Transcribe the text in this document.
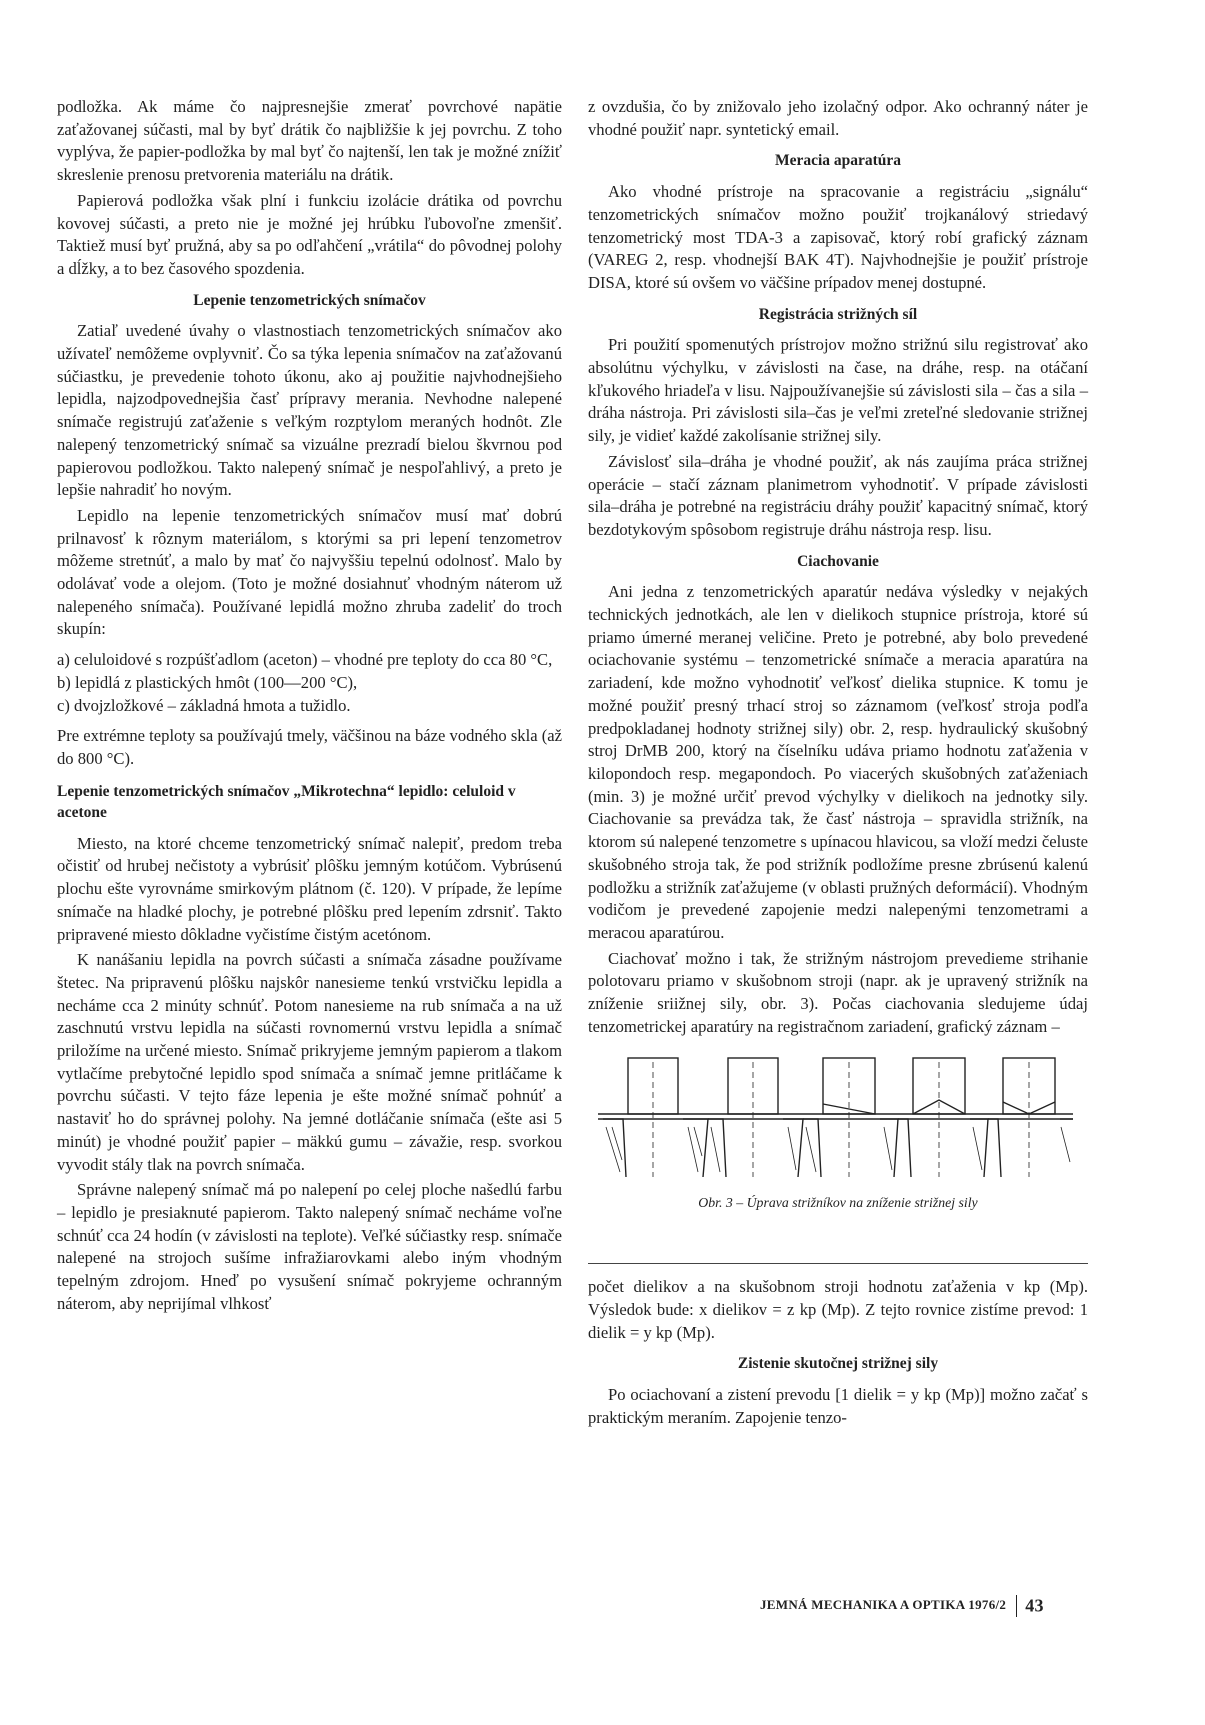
podložka. Ak máme čo najpresnejšie zmerať povrchové napätie zaťažovanej súčasti, mal by byť drátik čo najbližšie k jej povrchu. Z toho vyplýva, že papier-podložka by mal byť čo najtenší, len tak je možné znížiť skreslenie prenosu pretvorenia materiálu na drátik.

Papierová podložka však plní i funkciu izolácie drátika od povrchu kovovej súčasti, a preto nie je možné jej hrúbku ľubovoľne zmenšiť. Taktiež musí byť pružná, aby sa po odľahčení „vrátila“ do pôvodnej polohy a dĺžky, a to bez časového spozdenia.

Lepenie tenzometrických snímačov

Zatiaľ uvedené úvahy o vlastnostiach tenzometrických snímačov ako užívateľ nemôžeme ovplyvniť. Čo sa týka lepenia snímačov na zaťažovanú súčiastku, je prevedenie tohoto úkonu, ako aj použitie najvhodnejšieho lepidla, najzodpovednejšia časť prípravy merania. Nevhodne nalepené snímače registrujú zaťaženie s veľkým rozptylom meraných hodnôt. Zle nalepený tenzometrický snímač sa vizuálne prezradí bielou škvrnou pod papierovou podložkou. Takto nalepený snímač je nespoľahlivý, a preto je lepšie nahradiť ho novým.

Lepidlo na lepenie tenzometrických snímačov musí mať dobrú prilnavosť k rôznym materiálom, s ktorými sa pri lepení tenzometrov môžeme stretnúť, a malo by mať čo najvyššiu tepelnú odolnosť. Malo by odolávať vode a olejom. (Toto je možné dosiahnuť vhodným náterom už nalepeného snímača). Používané lepidlá možno zhruba zadeliť do troch skupín:

a) celuloidové s rozpúšťadlom (aceton) – vhodné pre teploty do cca 80 °C,
b) lepidlá z plastických hmôt (100—200 °C),
c) dvojzložkové – základná hmota a tužidlo.

Pre extrémne teploty sa používajú tmely, väčšinou na báze vodného skla (až do 800 °C).

Lepenie tenzometrických snímačov „Mikrotechna“ lepidlo: celuloid v acetone

Miesto, na ktoré chceme tenzometrický snímač nalepiť, predom treba očistiť od hrubej nečistoty a vybrúsiť plôšku jemným kotúčom. Vybrúsenú plochu ešte vyrovnáme smirkovým plátnom (č. 120). V prípade, že lepíme snímače na hladké plochy, je potrebné plôšku pred lepením zdrsniť. Takto pripravené miesto dôkladne vyčistíme čistým acetónom.

K nanášaniu lepidla na povrch súčasti a snímača zásadne používame štetec. Na pripravenú plôšku najskôr nanesieme tenkú vrstvičku lepidla a necháme cca 2 minúty schnúť. Potom nanesieme na rub snímača a na už zaschnutú vrstvu lepidla na súčasti rovnomernú vrstvu lepidla a snímač priložíme na určené miesto. Snímač prikryjeme jemným papierom a tlakom vytlačíme prebytočné lepidlo spod snímača a snímač jemne pritláčame k povrchu súčasti. V tejto fáze lepenia je ešte možné snímač pohnúť a nastaviť ho do správnej polohy. Na jemné dotláčanie snímača (ešte asi 5 minút) je vhodné použiť papier – mäkkú gumu – závažie, resp. svorkou vyvodit stály tlak na povrch snímača.

Správne nalepený snímač má po nalepení po celej ploche našedlú farbu – lepidlo je presiaknuté papierom. Takto nalepený snímač necháme voľne schnúť cca 24 hodín (v závislosti na teplote). Veľké súčiastky resp. snímače nalepené na strojoch sušíme infražiarovkami alebo iným vhodným tepelným zdrojom. Hneď po vysušení snímač pokryjeme ochranným náterom, aby neprijímal vlhkosť

z ovzdušia, čo by znižovalo jeho izolačný odpor. Ako ochranný náter je vhodné použiť napr. syntetický email.

Meracia aparatúra

Ako vhodné prístroje na spracovanie a registráciu „signálu“ tenzometrických snímačov možno použiť trojkanálový striedavý tenzometrický most TDA-3 a zapisovač, ktorý robí grafický záznam (VAREG 2, resp. vhodnejší BAK 4T). Najvhodnejšie je použiť prístroje DISA, ktoré sú ovšem vo väčšine prípadov menej dostupné.

Registrácia strižných síl

Pri použití spomenutých prístrojov možno strižnú silu registrovať ako absolútnu výchylku, v závislosti na čase, na dráhe, resp. na otáčaní kľukového hriadeľa v lisu. Najpoužívanejšie sú závislosti sila – čas a sila – dráha nástroja. Pri závislosti sila–čas je veľmi zreteľné sledovanie strižnej sily, je vidieť každé zakolísanie strižnej sily.

Závislosť sila–dráha je vhodné použiť, ak nás zaujíma práca strižnej operácie – stačí záznam planimetrom vyhodnotiť. V prípade závislosti sila–dráha je potrebné na registráciu dráhy použiť kapacitný snímač, ktorý bezdotykovým spôsobom registruje dráhu nástroja resp. lisu.

Ciachovanie

Ani jedna z tenzometrických aparatúr nedáva výsledky v nejakých technických jednotkách, ale len v dielikoch stupnice prístroja, ktoré sú priamo úmerné meranej veličine. Preto je potrebné, aby bolo prevedené ociachovanie systému – tenzometrické snímače a meracia aparatúra na zariadení, kde možno vyhodnotiť veľkosť dielika stupnice. K tomu je možné použiť presný trhací stroj so záznamom (veľkosť stroja podľa predpokladanej hodnoty strižnej sily) obr. 2, resp. hydraulický skušobný stroj DrMB 200, ktorý na číselníku udáva priamo hodnotu zaťaženia v kilopondoch resp. megapondoch. Po viacerých skušobných zaťaženiach (min. 3) je možné určiť prevod výchylky v dielikoch na jednotky sily. Ciachovanie sa prevádza tak, že časť nástroja – spravidla strižník, na ktorom sú nalepené tenzometre s upínacou hlavicou, sa vloží medzi čeluste skušobného stroja tak, že pod strižník podložíme presne zbrúsenú kalenú podložku a strižník zaťažujeme (v oblasti pružných deformácií). Vhodným vodičom je prevedené zapojenie medzi nalepenými tenzometrami a meracou aparatúrou.

Ciachovať možno i tak, že strižným nástrojom prevedieme strihanie polotovaru priamo v skušobnom stroji (napr. ak je upravený strižník na zníženie sriižnej sily, obr. 3). Počas ciachovania sledujeme údaj tenzometrickej aparatúry na registračnom zariadení, grafický záznam –

Obr. 3 – Úprava strižníkov na zníženie strižnej sily

počet dielikov a na skušobnom stroji hodnotu zaťaženia v kp (Mp). Výsledok bude: x dielikov = z kp (Mp). Z tejto rovnice zistíme prevod: 1 dielik = y kp (Mp).

Zistenie skutočnej strižnej sily

Po ociachovaní a zistení prevodu [1 dielik = y kp (Mp)] možno začať s praktickým meraním. Zapojenie tenzo-

JEMNÁ MECHANIKA A OPTIKA 1976/2 43
